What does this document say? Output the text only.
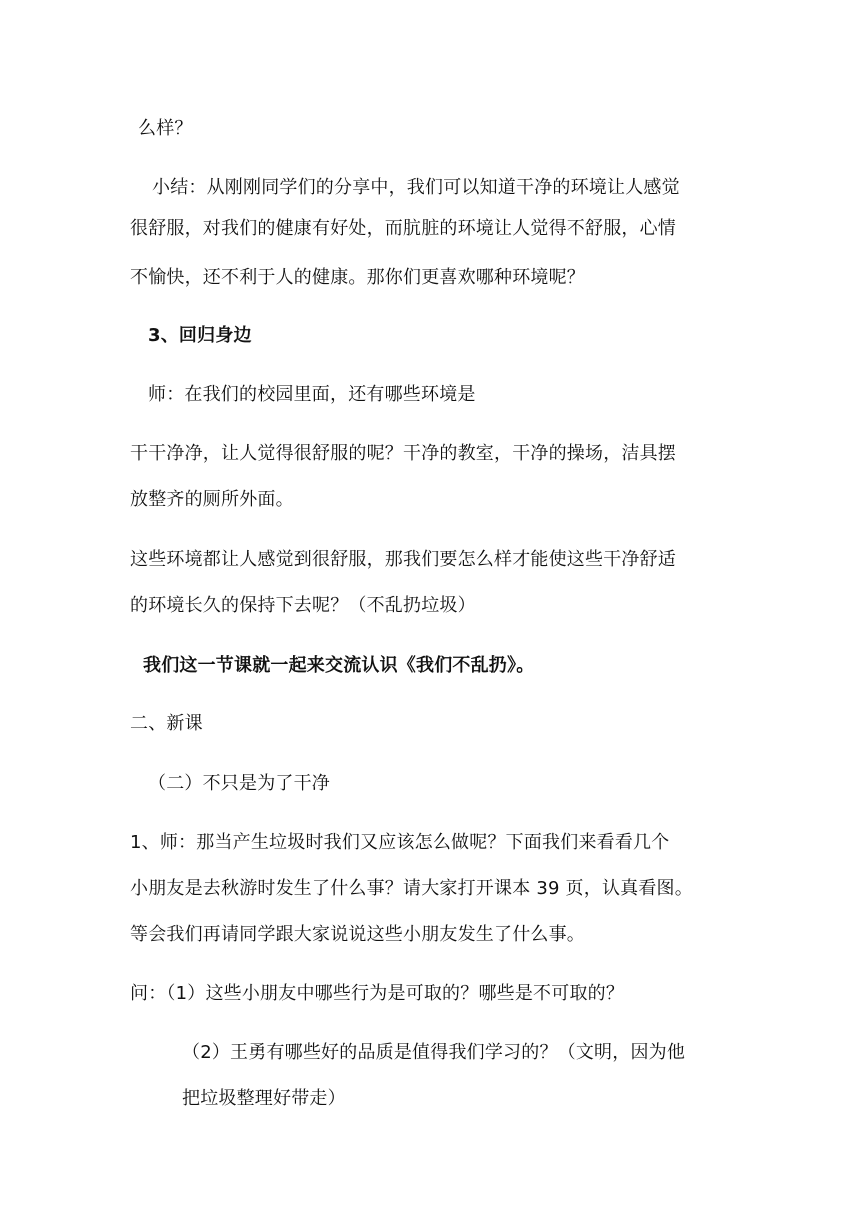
么样？
小结：从刚刚同学们的分享中，我们可以知道干净的环境让人感觉
很舒服，对我们的健康有好处，而肮脏的环境让人觉得不舒服，心情
不愉快，还不利于人的健康。那你们更喜欢哪种环境呢？
3、回归身边
师：在我们的校园里面，还有哪些环境是
干干净净，让人觉得很舒服的呢？干净的教室，干净的操场，洁具摆
放整齐的厕所外面。
这些环境都让人感觉到很舒服，那我们要怎么样才能使这些干净舒适
的环境长久的保持下去呢？（不乱扔垃圾）
我们这一节课就一起来交流认识《我们不乱扔》。
二、新课
（二）不只是为了干净
1、师：那当产生垃圾时我们又应该怎么做呢？下面我们来看看几个
小朋友是去秋游时发生了什么事？请大家打开课本 39 页，认真看图。
等会我们再请同学跟大家说说这些小朋友发生了什么事。
问：（1）这些小朋友中哪些行为是可取的？哪些是不可取的？
（2）王勇有哪些好的品质是值得我们学习的？（文明，因为他
把垃圾整理好带走）
